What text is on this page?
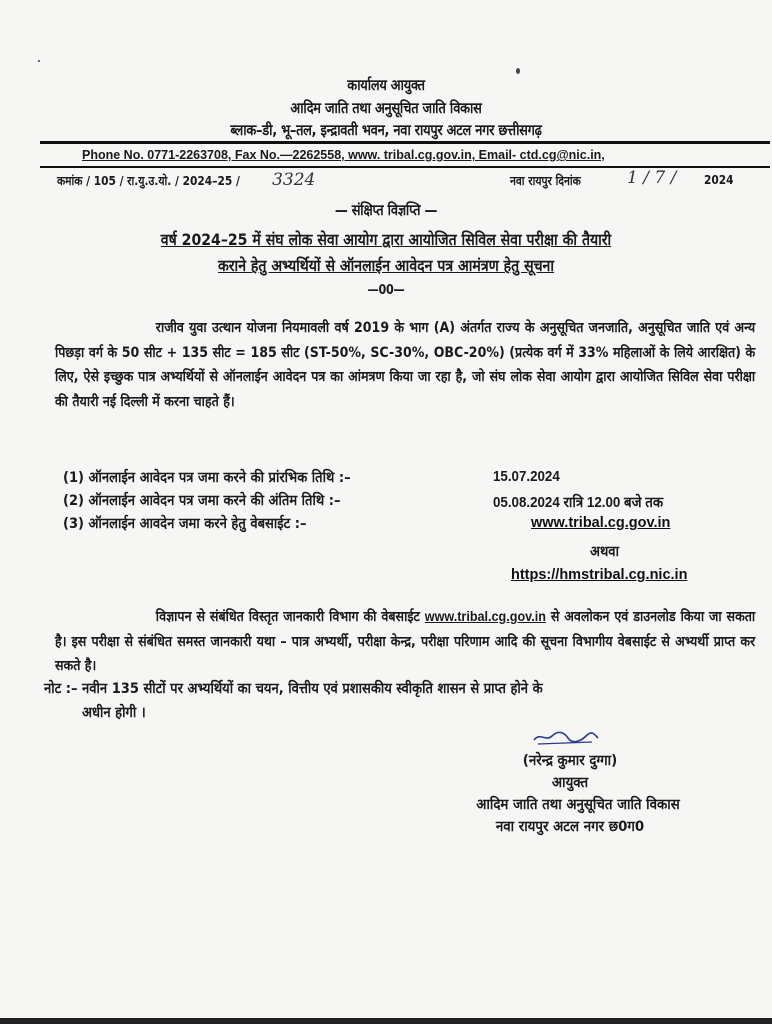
कार्यालय आयुक्त
आदिम जाति तथा अनुसूचित जाति विकास
ब्लाक–डी, भू–तल, इन्द्रावती भवन, नवा रायपुर अटल नगर छत्तीसगढ़
Phone No. 0771-2263708, Fax No.—2262558, www. tribal.cg.gov.in, Email- ctd.cg@nic.in,
कमांक / 105 / रा.यु.उ.यो. / 2024–25 /3324	नवा रायपुर दिनांक	1 / 7 / 2024
— संक्षिप्त विज्ञप्ति —
वर्ष 2024–25 में संघ लोक सेवा आयोग द्वारा आयोजित सिविल सेवा परीक्षा की तैयारी
कराने हेतु अभ्यर्थियों से ऑनलाईन आवेदन पत्र आमंत्रण हेतु सूचना
—00—

राजीव युवा उत्थान योजना नियमावली वर्ष 2019 के भाग (A) अंतर्गत राज्य के अनुसूचित जनजाति, अनुसूचित जाति एवं अन्य पिछड़ा वर्ग के 50 सीट + 135 सीट = 185 सीट (ST-50%, SC-30%, OBC-20%) (प्रत्येक वर्ग में 33% महिलाओं के लिये आरक्षित) के लिए, ऐसे इच्छुक पात्र अभ्यर्थियों से ऑनलाईन आवेदन पत्र का आंमत्रण किया जा रहा है, जो संघ लोक सेवा आयोग द्वारा आयोजित सिविल सेवा परीक्षा की तैयारी नई दिल्ली में करना चाहते हैं।

(1) ऑनलाईन आवेदन पत्र जमा करने की प्रांरभिक तिथि :–	15.07.2024
(2) ऑनलाईन आवेदन पत्र जमा करने की अंतिम तिथि :–	05.08.2024 रात्रि 12.00 बजे तक
(3) ऑनलाईन आवदेन जमा करने हेतु वेबसाईट :–	www.tribal.cg.gov.in
अथवा
https://hmstribal.cg.nic.in

विज्ञापन से संबंधित विस्तृत जानकारी विभाग की वेबसाईट www.tribal.cg.gov.in से अवलोकन एवं डाउनलोड किया जा सकता है। इस परीक्षा से संबंधित समस्त जानकारी यथा – पात्र अभ्यर्थी, परीक्षा केन्द्र, परीक्षा परिणाम आदि की सूचना विभागीय वेबसाईट से अभ्यर्थी प्राप्त कर सकते है।

नोट :– नवीन 135 सीटों पर अभ्यर्थियों का चयन, वित्तीय एवं प्रशासकीय स्वीकृति शासन से प्राप्त होने के
अधीन होगी ।
(नरेन्द्र कुमार दुग्गा)
आयुक्त
आदिम जाति तथा अनुसूचित जाति विकास
नवा रायपुर अटल नगर छ0ग0
